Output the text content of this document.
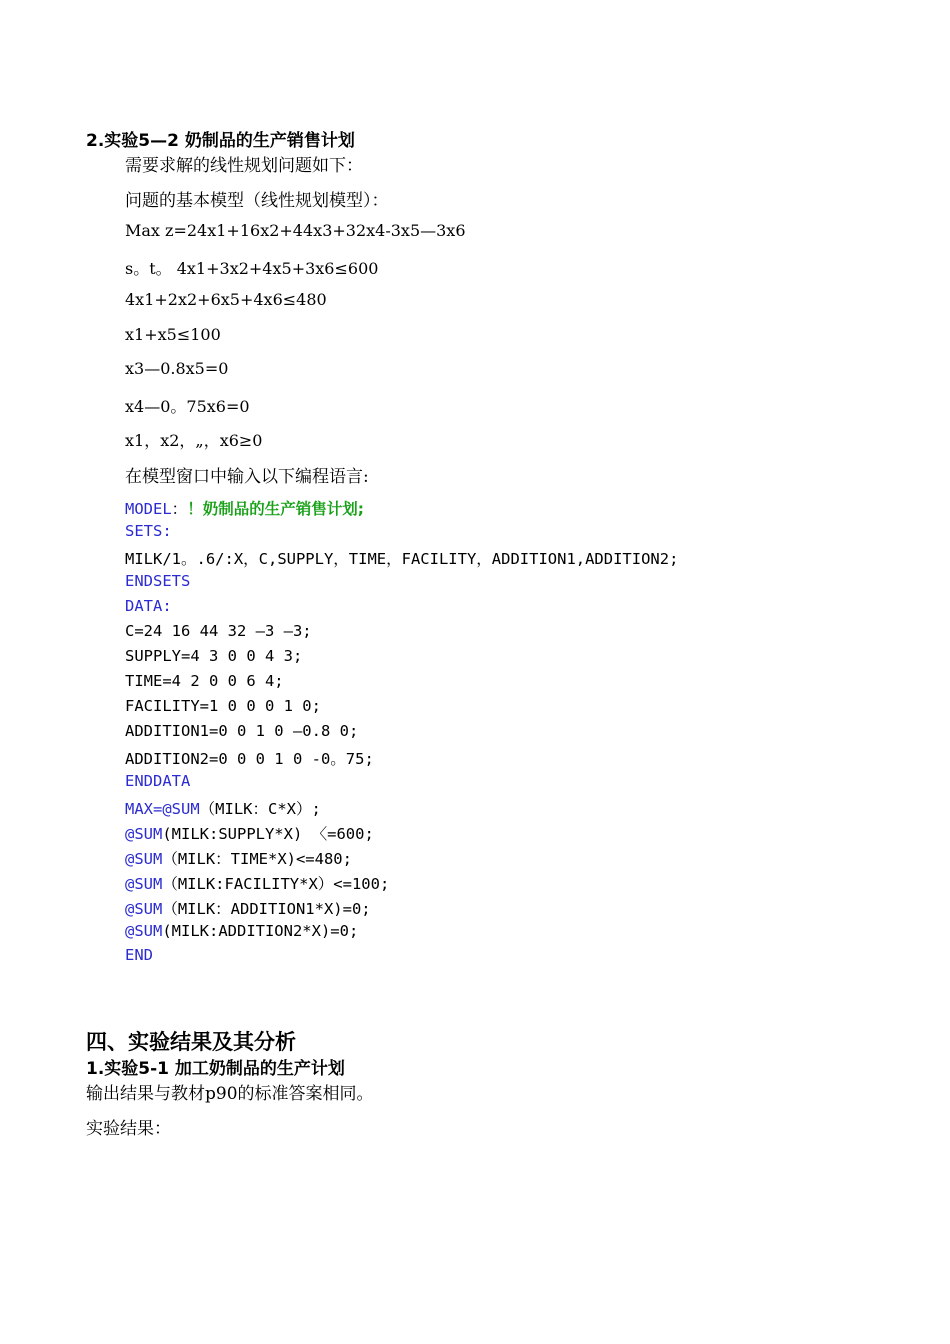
2.实验5—2 奶制品的生产销售计划
需要求解的线性规划问题如下：
问题的基本模型（线性规划模型）：
Max z=24x1+16x2+44x3+32x4-3x5—3x6
s。t。 4x1+3x2+4x5+3x6≤600
4x1+2x2+6x5+4x6≤480
x1+x5≤100
x3—0.8x5=0
x4—0。75x6=0
x1，x2，„，x6≥0
在模型窗口中输入以下编程语言:
MODEL：！奶制品的生产销售计划;
SETS:
MILK/1。.6/:X，C,SUPPLY，TIME，FACILITY，ADDITION1,ADDITION2;
ENDSETS
DATA:
C=24 16 44 32 —3 —3;
SUPPLY=4 3 0 0 4 3;
TIME=4 2 0 0 6 4;
FACILITY=1 0 0 0 1 0;
ADDITION1=0 0 1 0 —0.8 0;
ADDITION2=0 0 0 1 0 -0。75;
ENDDATA
MAX=@SUM（MILK：C*X）;
@SUM(MILK:SUPPLY*X) 〈=600;
@SUM（MILK：TIME*X)<=480;
@SUM（MILK:FACILITY*X）<=100;
@SUM（MILK：ADDITION1*X)=0;
@SUM(MILK:ADDITION2*X)=0;
END
四、实验结果及其分析
1.实验5-1 加工奶制品的生产计划
输出结果与教材p90的标准答案相同。
实验结果：
